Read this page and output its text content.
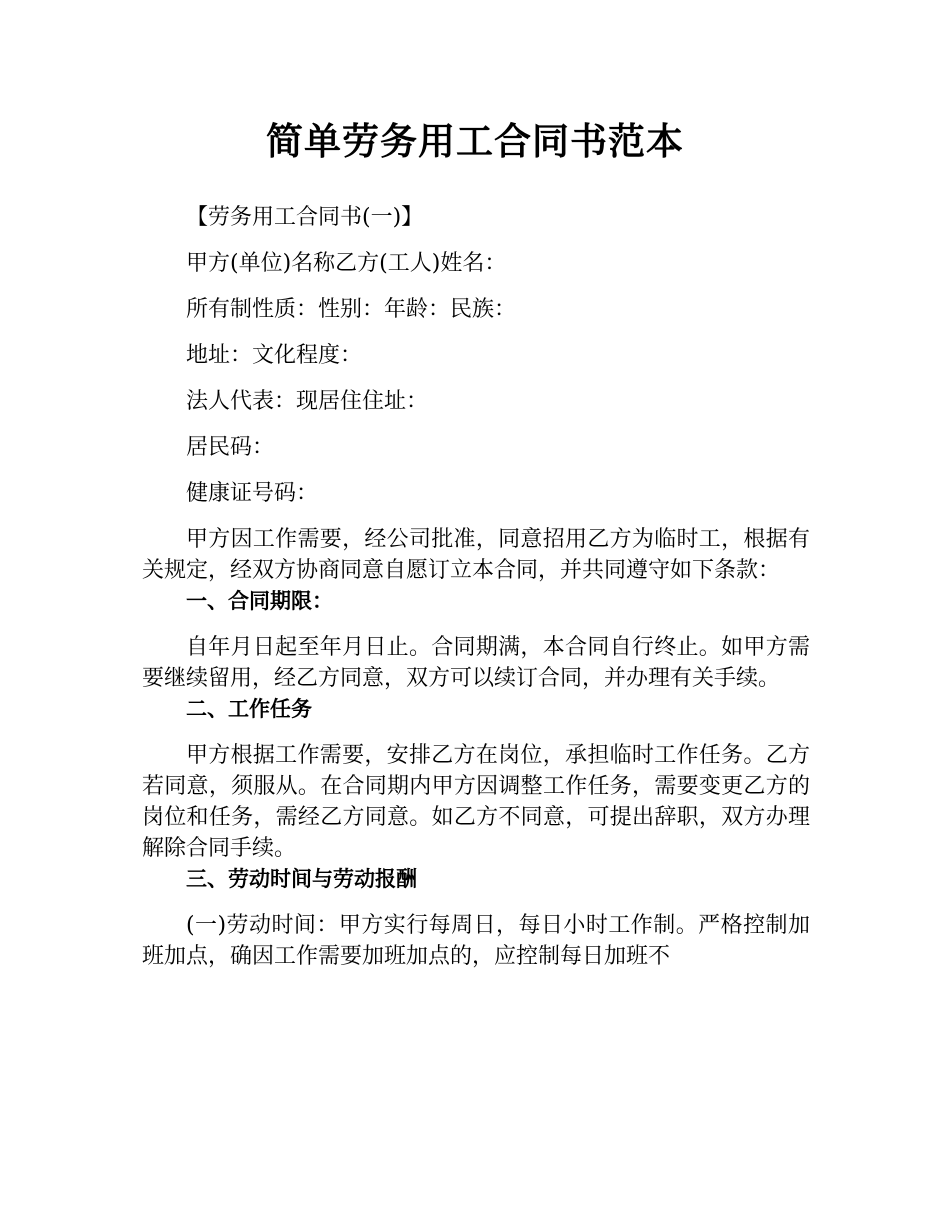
简单劳务用工合同书范本

【劳务用工合同书(一)】

甲方(单位)名称乙方(工人)姓名：

所有制性质：性别：年龄：民族：

地址：文化程度：

法人代表：现居住住址：

居民码：

健康证号码：

甲方因工作需要，经公司批准，同意招用乙方为临时工，根据有关规定，经双方协商同意自愿订立本合同，并共同遵守如下条款：

一、合同期限：

自年月日起至年月日止。合同期满，本合同自行终止。如甲方需要继续留用，经乙方同意，双方可以续订合同，并办理有关手续。

二、工作任务

甲方根据工作需要，安排乙方在岗位，承担临时工作任务。乙方若同意，须服从。在合同期内甲方因调整工作任务，需要变更乙方的岗位和任务，需经乙方同意。如乙方不同意，可提出辞职，双方办理解除合同手续。

三、劳动时间与劳动报酬

(一)劳动时间：甲方实行每周日，每日小时工作制。严格控制加班加点，确因工作需要加班加点的，应控制每日加班不
